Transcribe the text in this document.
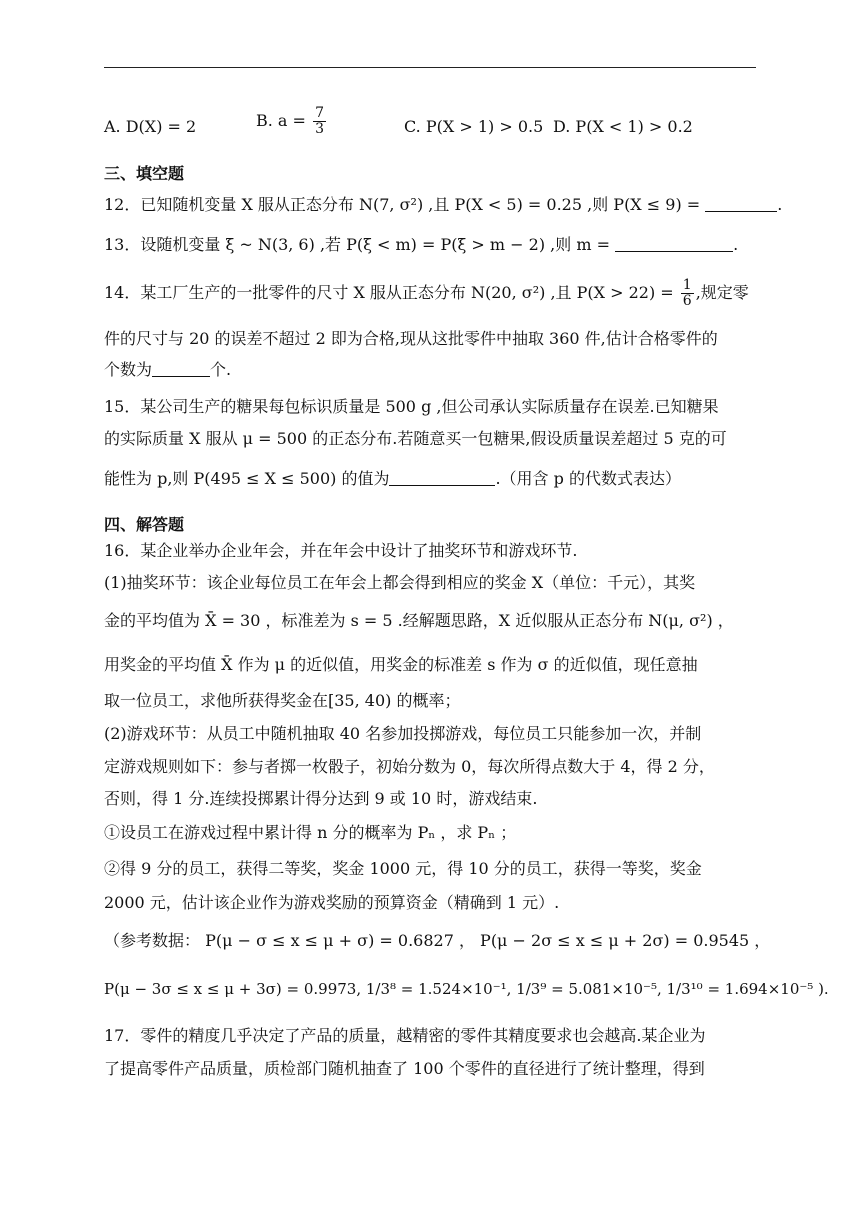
A. D(X) = 2	B. $a = \frac{7}{3}$	C. P(X > 1) > 0.5 D. P(X < 1) > 0.2
三、填空题
12．已知随机变量 X 服从正态分布 N(7, σ²) ,且 P(X < 5) = 0.25 ,则 P(X ≤ 9) =	.
13．设随机变量 ξ ~ N(3, 6) ,若 P(ξ < m) = P(ξ > m − 2) ,则 m =	.
14．某工厂生产的一批零件的尺寸 X 服从正态分布 N(20, σ²) ,且 $P(X > 22) = \frac{1}{6}$ ,规定零
件的尺寸与 20 的误差不超过 2 即为合格,现从这批零件中抽取 360 件,估计合格零件的
个数为	个.
15．某公司生产的糖果每包标识质量是 500 g ,但公司承认实际质量存在误差.已知糖果
的实际质量 X 服从 μ = 500 的正态分布.若随意买一包糖果,假设质量误差超过 5 克的可
能性为 p,则 P(495 ≤ X ≤ 500) 的值为	.（用含 p 的代数式表达）
四、解答题
16．某企业举办企业年会，并在年会中设计了抽奖环节和游戏环节.
(1)抽奖环节：该企业每位员工在年会上都会得到相应的奖金 X（单位：千元），其奖
金的平均值为 X̄ = 30 ，标准差为 s = 5 .经解题思路，X 近似服从正态分布 N(μ, σ²) ，
用奖金的平均值 X̄ 作为 μ 的近似值，用奖金的标准差 s 作为 σ 的近似值，现任意抽
取一位员工，求他所获得奖金在[35, 40) 的概率；
(2)游戏环节：从员工中随机抽取 40 名参加投掷游戏，每位员工只能参加一次，并制
定游戏规则如下：参与者掷一枚骰子，初始分数为 0，每次所得点数大于 4，得 2 分，
否则，得 1 分.连续投掷累计得分达到 9 或 10 时，游戏结束.
①设员工在游戏过程中累计得 n 分的概率为 Pₙ ，求 Pₙ ；
②得 9 分的员工，获得二等奖，奖金 1000 元，得 10 分的员工，获得一等奖，奖金
2000 元，估计该企业作为游戏奖励的预算资金（精确到 1 元）.
（参考数据： P(μ − σ ≤ x ≤ μ + σ) = 0.6827 ， P(μ − 2σ ≤ x ≤ μ + 2σ) = 0.9545 ，
P(μ − 3σ ≤ x ≤ μ + 3σ) = 0.9973, 1/3⁸ = 1.524×10⁻¹, 1/3⁹ = 5.081×10⁻⁵, 1/3¹⁰ = 1.694×10⁻⁵ ).
17．零件的精度几乎决定了产品的质量，越精密的零件其精度要求也会越高.某企业为
了提高零件产品质量，质检部门随机抽查了 100 个零件的直径进行了统计整理，得到
